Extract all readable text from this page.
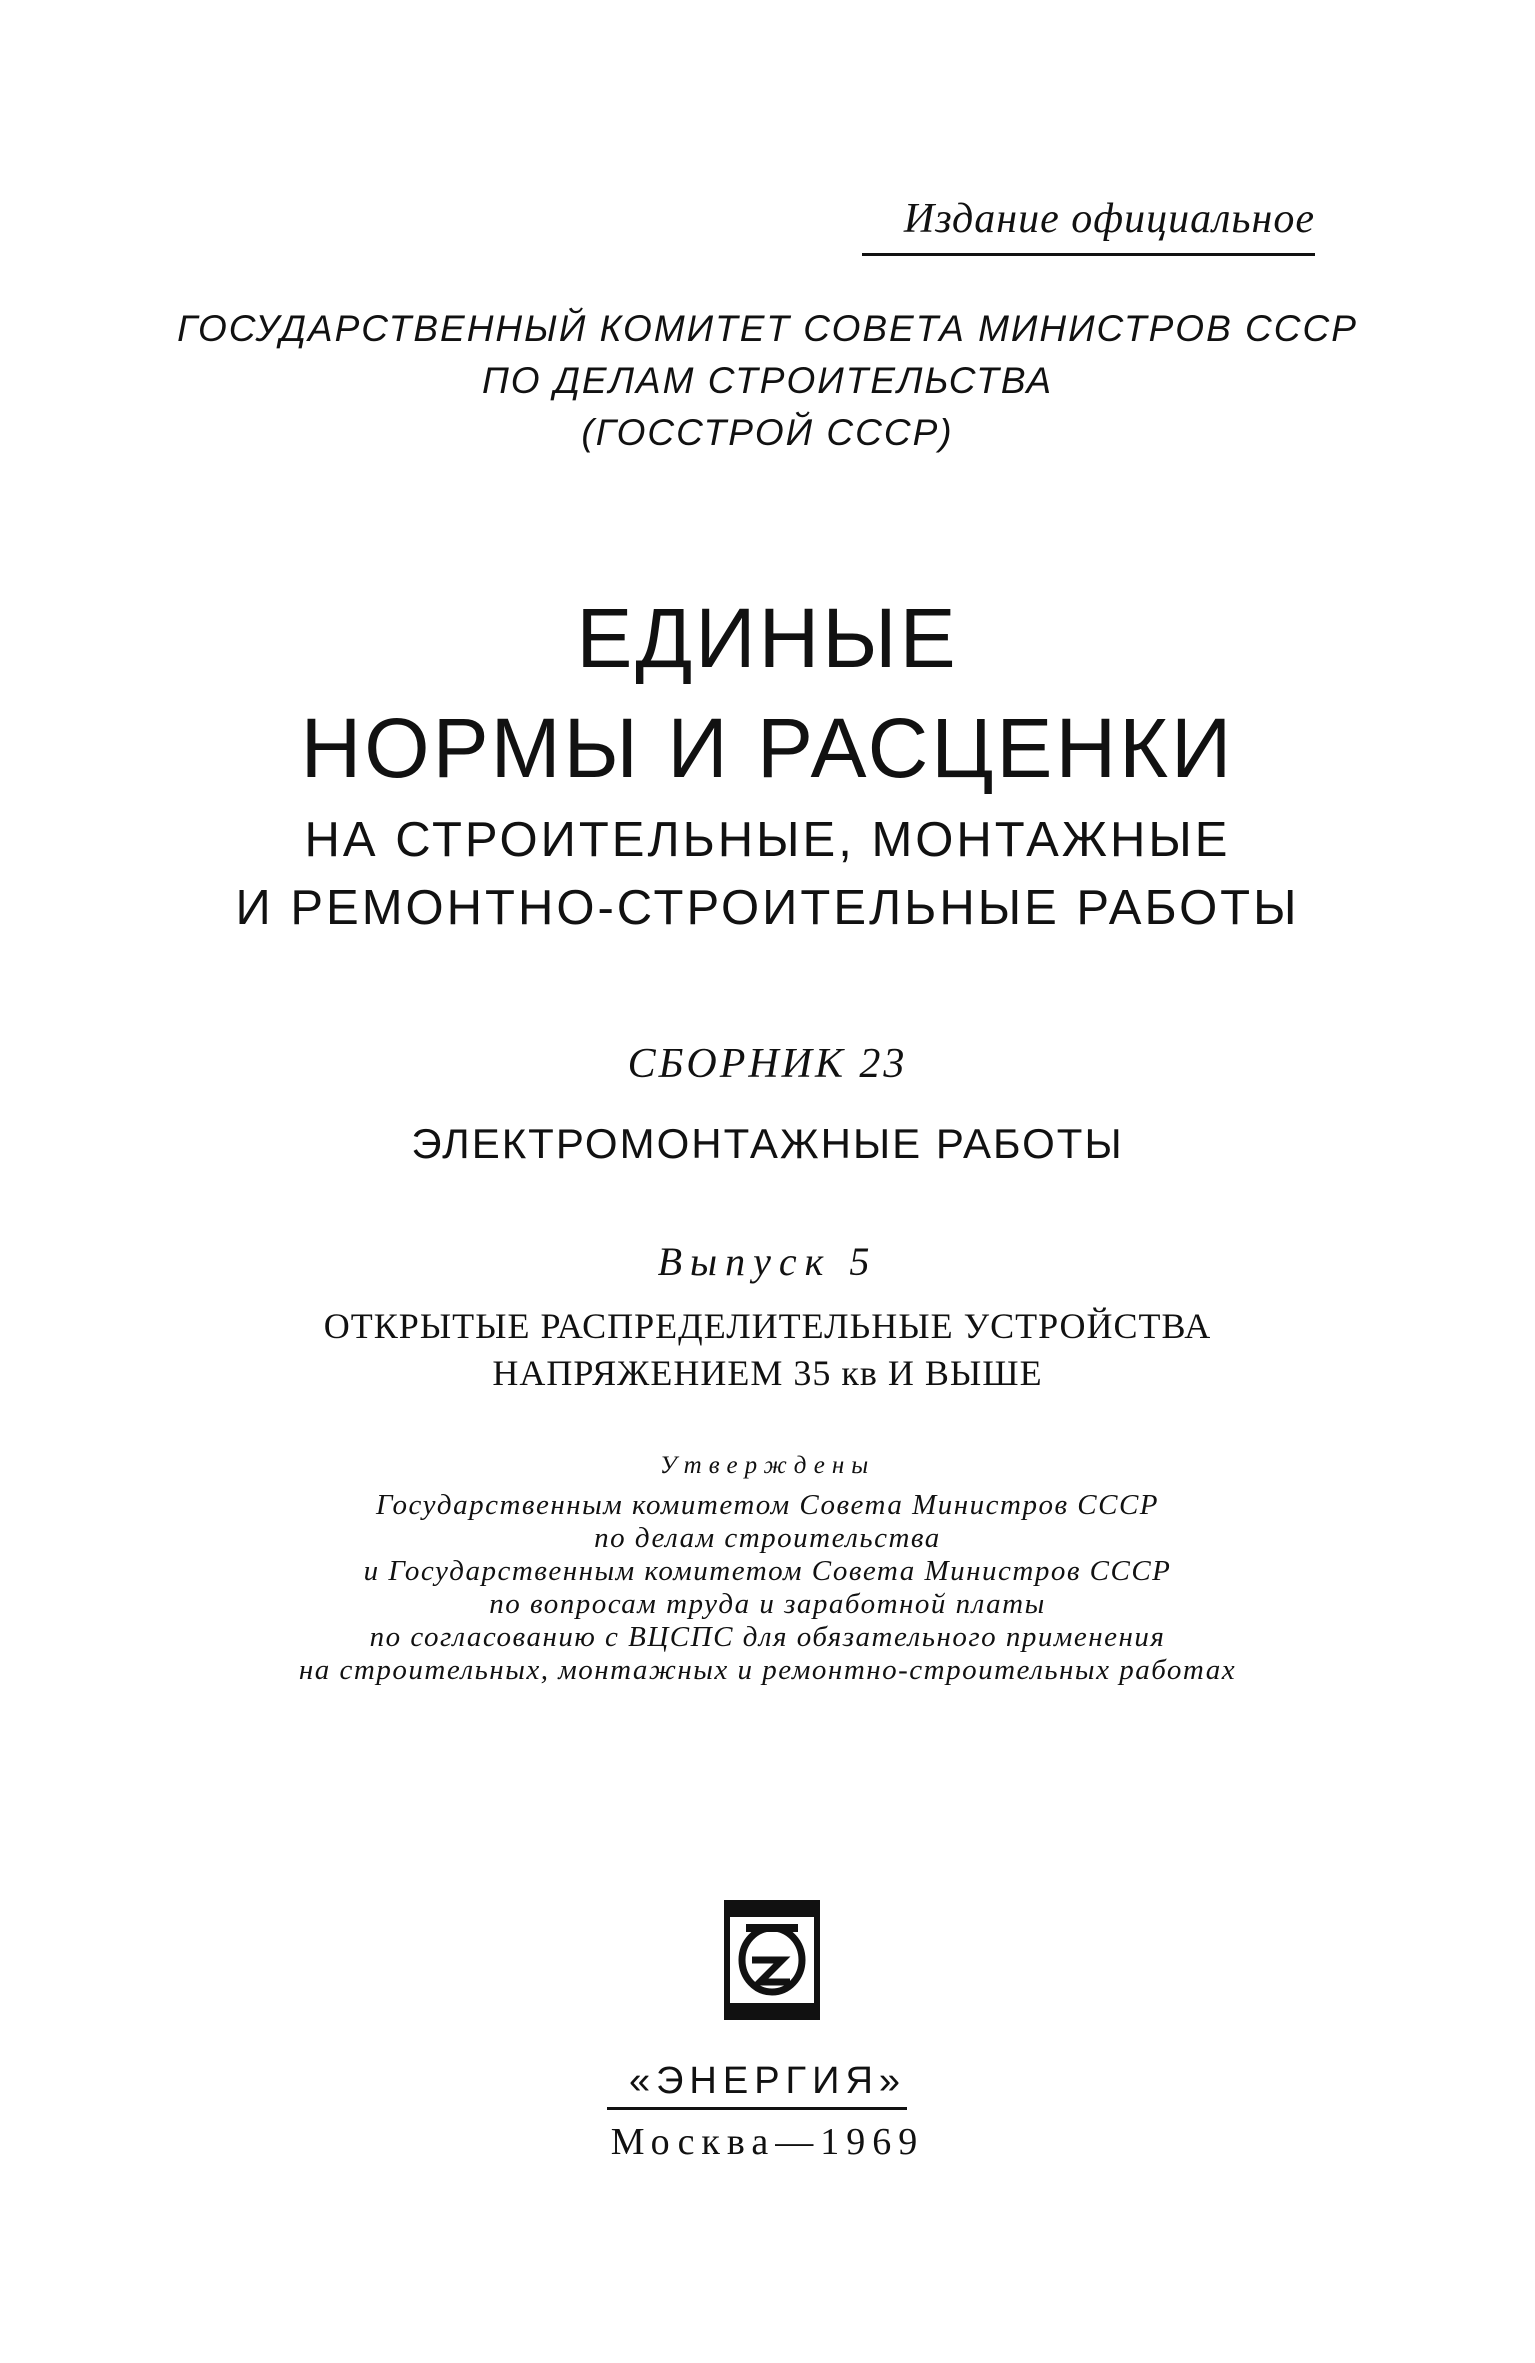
Издание официальное
ГОСУДАРСТВЕННЫЙ КОМИТЕТ СОВЕТА МИНИСТРОВ СССР
ПО ДЕЛАМ СТРОИТЕЛЬСТВА
(ГОССТРОЙ СССР)
ЕДИНЫЕ
НОРМЫ И РАСЦЕНКИ
НА СТРОИТЕЛЬНЫЕ, МОНТАЖНЫЕ
И РЕМОНТНО-СТРОИТЕЛЬНЫЕ РАБОТЫ
СБОРНИК 23
ЭЛЕКТРОМОНТАЖНЫЕ РАБОТЫ
Выпуск 5
ОТКРЫТЫЕ РАСПРЕДЕЛИТЕЛЬНЫЕ УСТРОЙСТВА
НАПРЯЖЕНИЕМ 35 кв И ВЫШЕ
Утверждены
Государственным комитетом Совета Министров СССР
по делам строительства
и Государственным комитетом Совета Министров СССР
по вопросам труда и заработной платы
по согласованию с ВЦСПС для обязательного применения
на строительных, монтажных и ремонтно-строительных работах
«ЭНЕРГИЯ»
Москва—1969
